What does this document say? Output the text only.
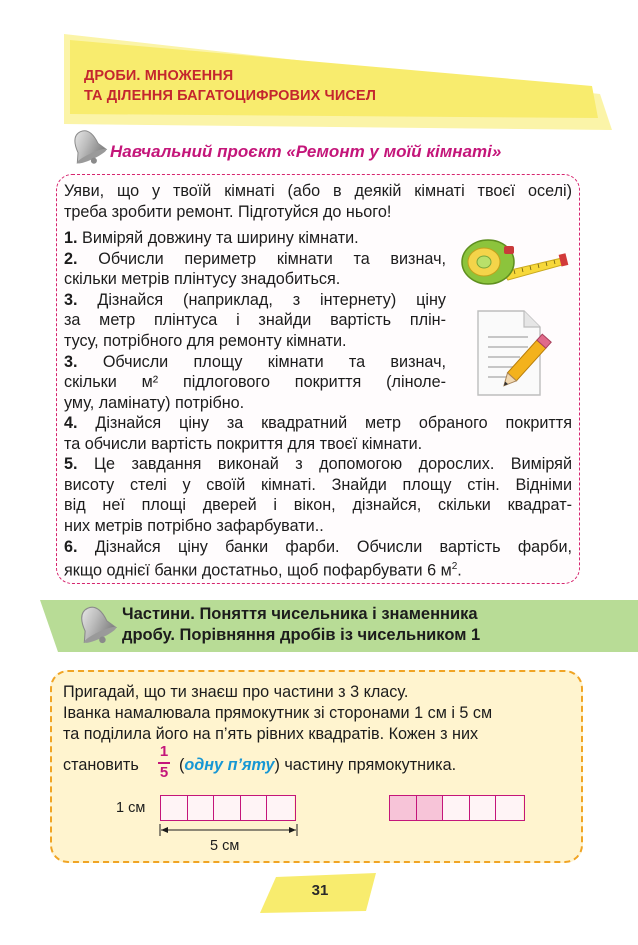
ДРОБИ. МНОЖЕННЯ
ТА ДІЛЕННЯ БАГАТОЦИФРОВИХ ЧИСЕЛ
Навчальний проєкт «Ремонт у моїй кімнаті»
Уяви, що у твоїй кімнаті (або в деякій кімнаті твоєї оселі)
треба зробити ремонт. Підготуйся до нього!
1. Виміряй довжину та ширину кімнати.
2. Обчисли периметр кімнати та визнач,
скільки метрів плінтусу знадобиться.
3. Дізнайся (наприклад, з інтернету) ціну
за метр плінтуса і знайди вартість плін-
тусу, потрібного для ремонту кімнати.
3. Обчисли площу кімнати та визнач,
скільки м² підлогового покриття (ліноле-
уму, ламінату) потрібно.
4. Дізнайся ціну за квадратний метр обраного покриття
та обчисли вартість покриття для твоєї кімнати.
5. Це завдання виконай з допомогою дорослих. Виміряй
висоту стелі у своїй кімнаті. Знайди площу стін. Відніми
від неї площі дверей і вікон, дізнайся, скільки квадрат-
них метрів потрібно зафарбувати..
6. Дізнайся ціну банки фарби. Обчисли вартість фарби,
якщо однієї банки достатньо, щоб пофарбувати 6 $м^2$.
Частини. Поняття чисельника і знаменника
дробу. Порівняння дробів із чисельником 1
Пригадай, що ти знаєш про частини з 3 класу.
Іванка намалювала прямокутник зі сторонами 1 см і 5 см
та поділила його на п’ять рівних квадратів. Кожен з них
становить
1
5 (одну п’яту) частину прямокутника.
1 см
5 см
31
